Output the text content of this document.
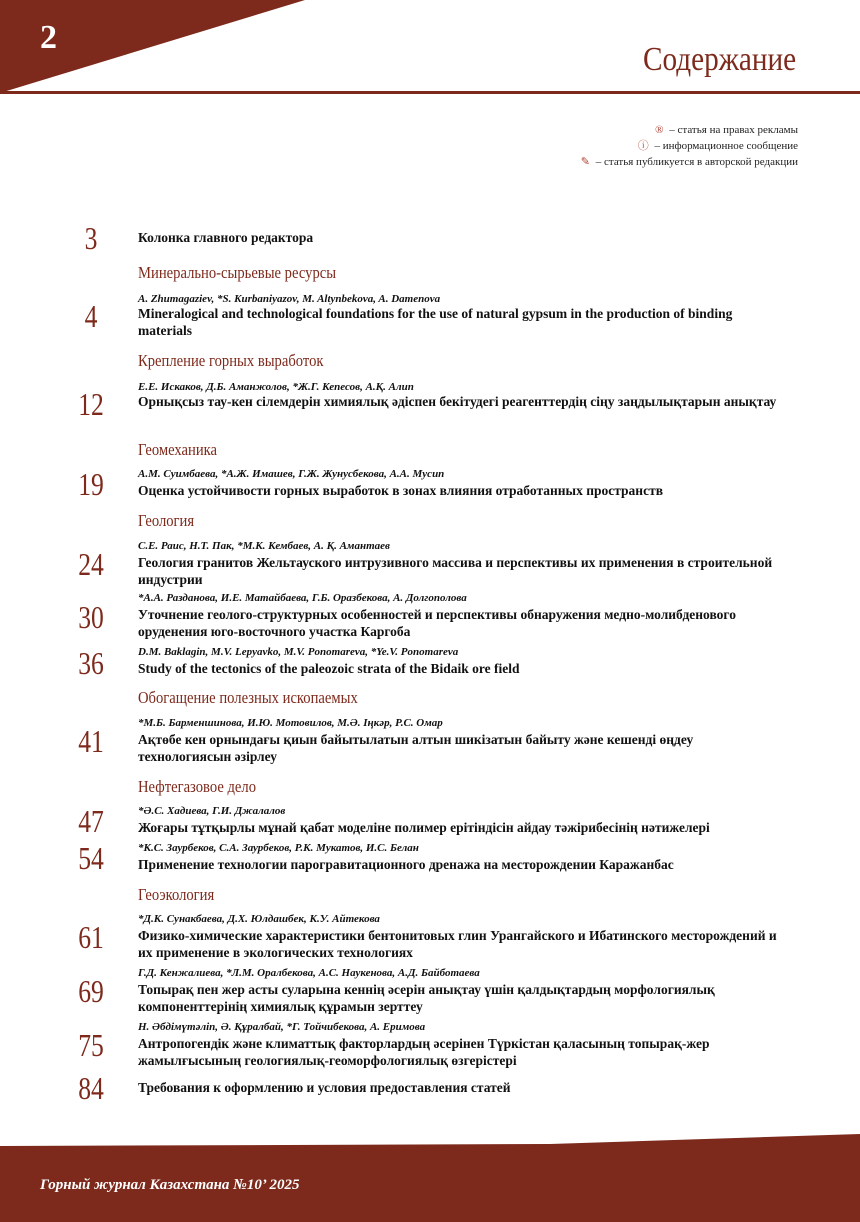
2
Содержание
® – статья на правах рекламы
ⓘ – информационное сообщение
✎ – статья публикуется в авторской редакции
3	Колонка главного редактора
Минерально-сырьевые ресурсы
A. Zhumagaziev, *S. Kurbaniyazov, M. Altynbekova, A. Damenova
4	Mineralogical and technological foundations for the use of natural gypsum in the production of binding materials
Крепление горных выработок
Е.Е. Искаков, Д.Б. Аманжолов, *Ж.Г. Кепесов, А.Қ. Алип
12	Орнықсыз тау-кен сілемдерін химиялық әдіспен бекітудегі реагенттердің сіңу заңдылықтарын анықтау
Геомеханика
А.М. Суимбаева, *А.Ж. Имашев, Г.Ж. Жунусбекова, А.А. Мусип
19	Оценка устойчивости горных выработок в зонах влияния отработанных пространств
Геология
С.Е. Раис, Н.Т. Пак, *М.К. Кембаев, А. Қ. Амантаев
24	Геология гранитов Жельтауского интрузивного массива и перспективы их применения в строительной индустрии
*А.А. Разданова, И.Е. Матайбаева, Г.Б. Оразбекова, А. Долгополова
30	Уточнение геолого-структурных особенностей и перспективы обнаружения медно-молибденового оруденения юго-восточного участка Каргоба
D.M. Baklagin, M.V. Lepyavko, M.V. Ponomareva, *Ye.V. Ponomareva
36	Study of the tectonics of the paleozoic strata of the Bidaik ore field
Обогащение полезных ископаемых
*М.Б. Барменшинова, И.Ю. Мотовилов, М.Ә. Іңкәр, Р.С. Омар
41	Ақтөбе кен орнындағы қиын байытылатын алтын шикізатын байыту және кешенді өңдеу технологиясын әзірлеу
Нефтегазовое дело
*Ә.С. Хадиева, Г.И. Джалалов
47	Жоғары тұтқырлы мұнай қабат моделіне полимер ерітіндісін айдау тәжірибесінің нәтижелері
*К.С. Заурбеков, С.А. Заурбеков, Р.К. Мукатов, И.С. Белан
54	Применение технологии парогравитационного дренажа на месторождении Каражанбас
Геоэкология
*Д.К. Сунакбаева, Д.Х. Юлдашбек, К.У. Айтекова
61	Физико-химические характеристики бентонитовых глин Урангайского и Ибатинского месторождений и их применение в экологических технологиях
Г.Д. Кенжалиева, *Л.М. Оралбекова, А.С. Наукенова, А.Д. Байботаева
69	Топырақ пен жер асты суларына кеннің әсерін анықтау үшін қалдықтардың морфологиялық компоненттерінің химиялық құрамын зерттеу
Н. Әбдімүтәліп, Ә. Құралбай, *Г. Тойчибекова, А. Еримова
75	Антропогендік және климаттық факторлардың әсерінен Түркістан қаласының топырақ-жер жамылғысының геологиялық-геоморфологиялық өзгерістері
84	Требования к оформлению и условия предоставления статей
Горный журнал Казахстана №10’ 2025
